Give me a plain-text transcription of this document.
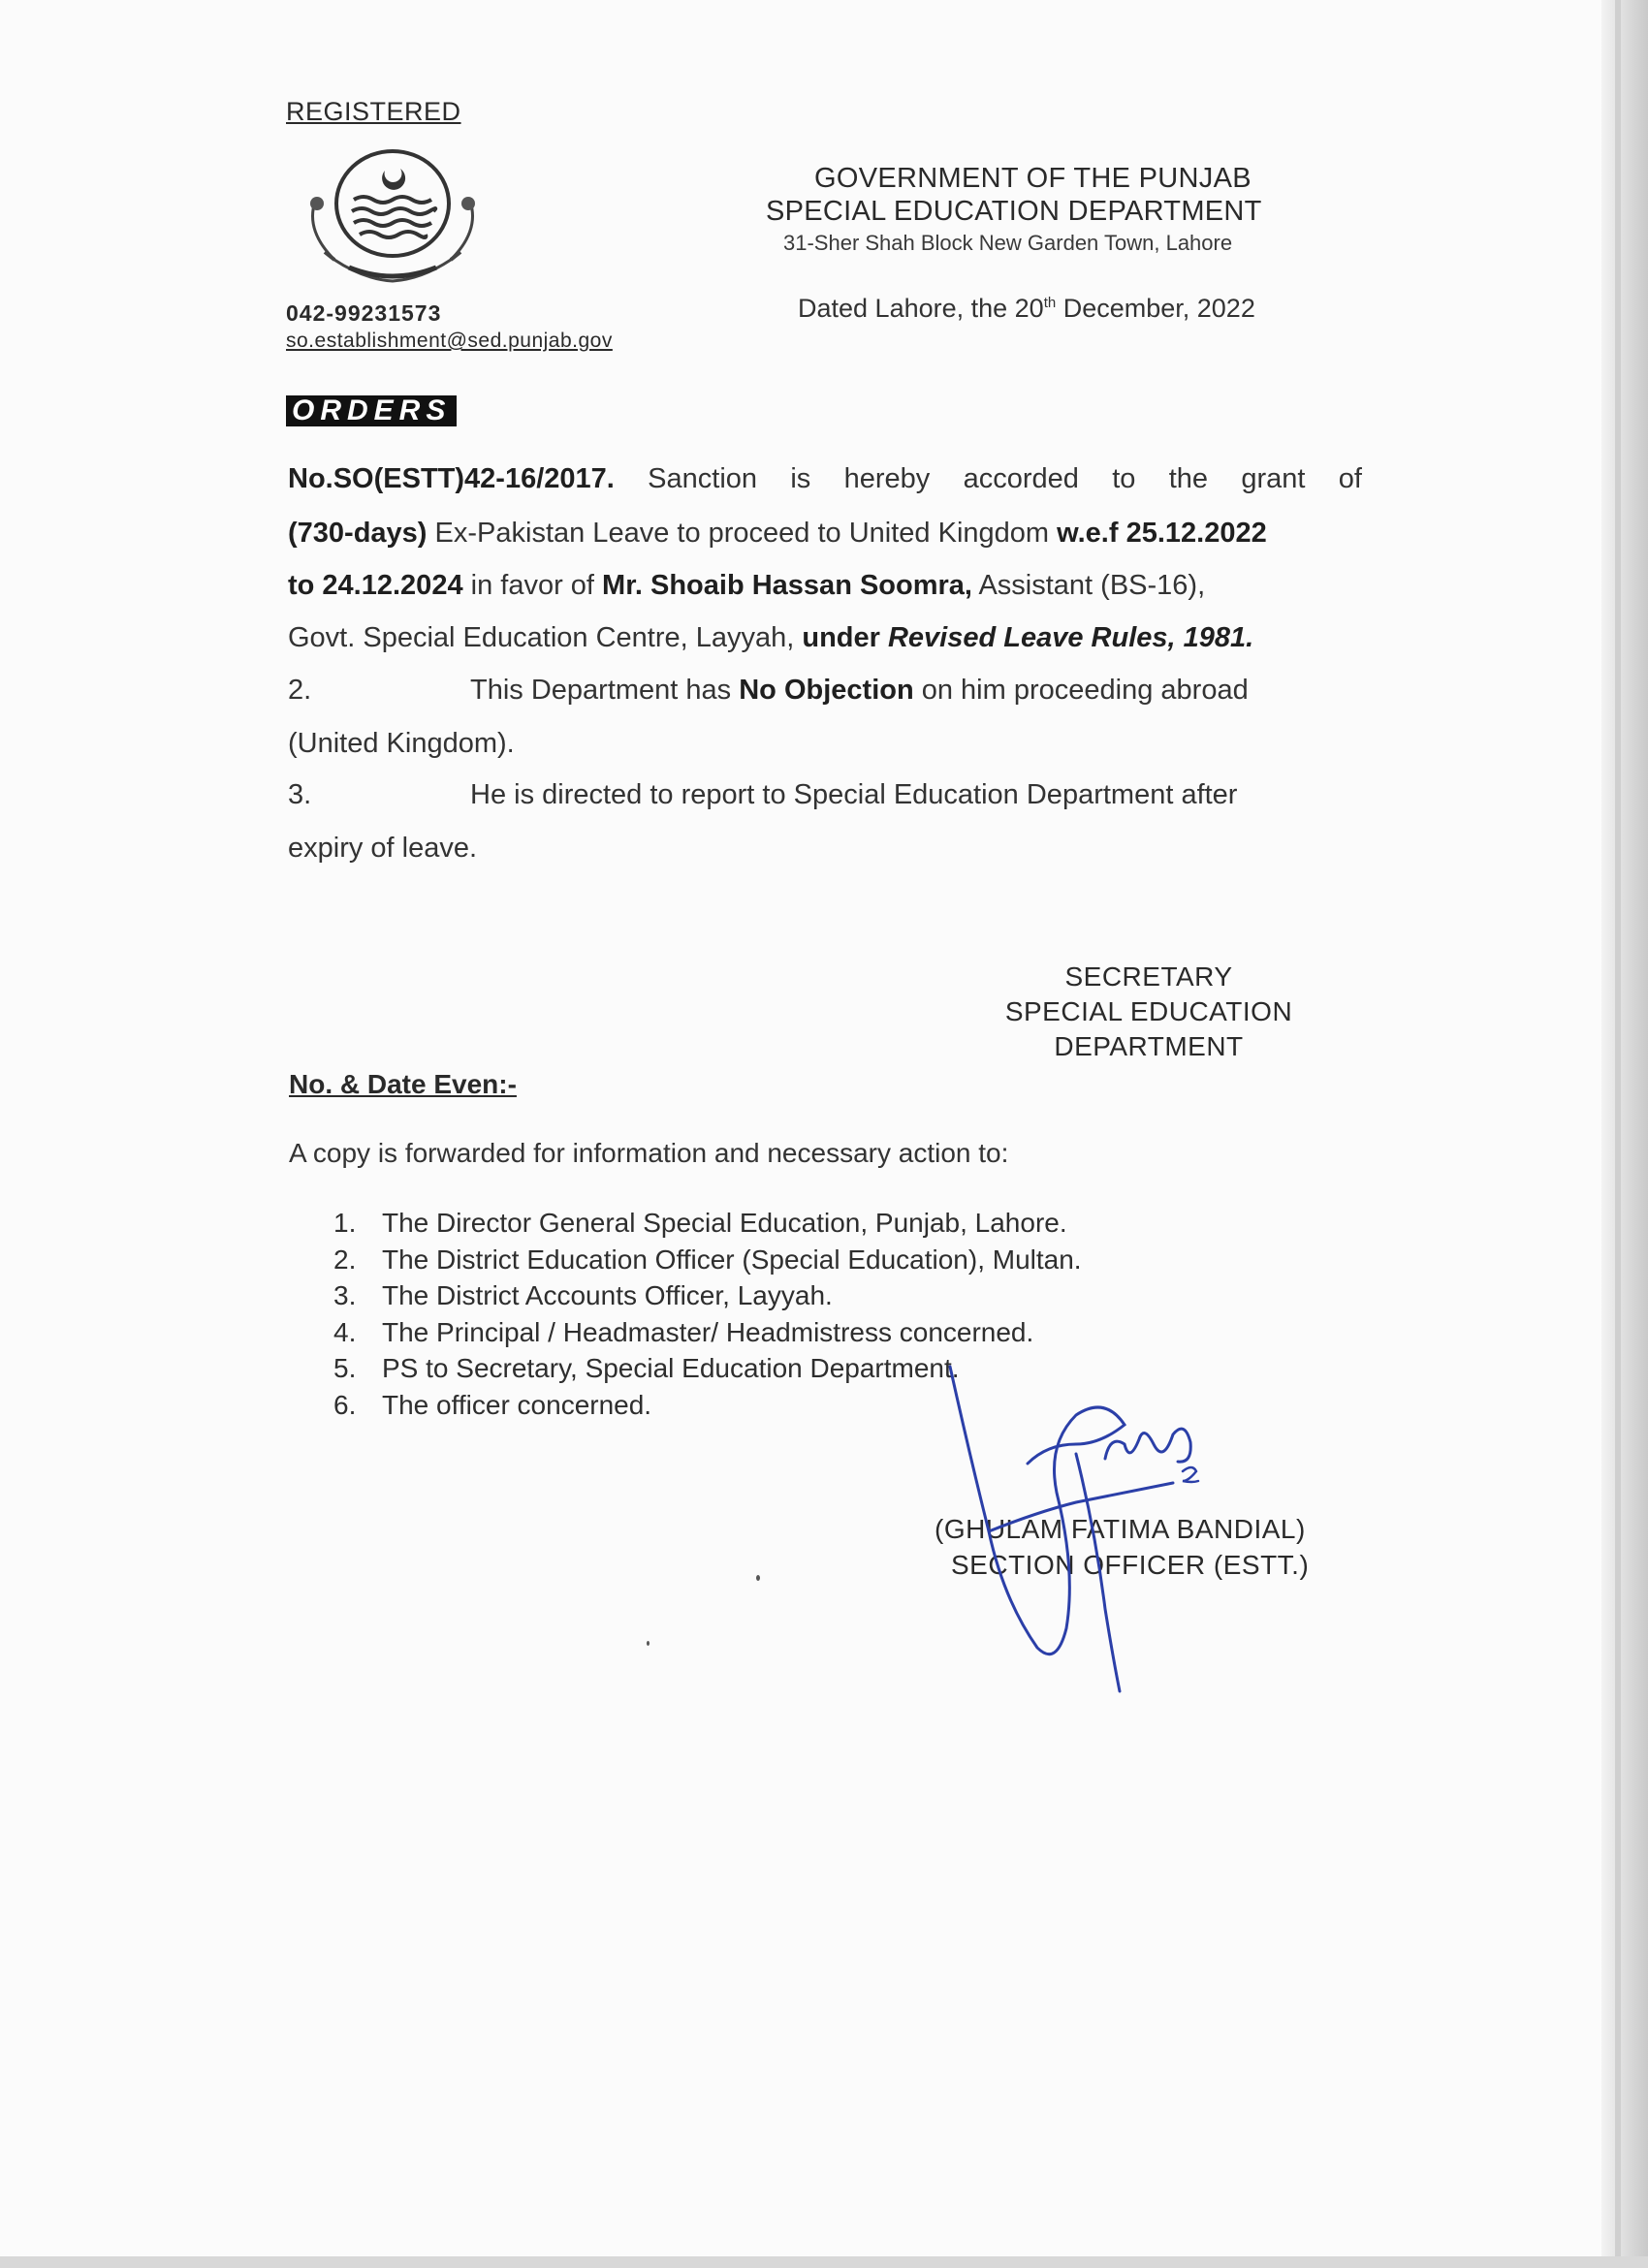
REGISTERED
042-99231573
so.establishment@sed.punjab.gov
GOVERNMENT OF THE PUNJAB
SPECIAL EDUCATION DEPARTMENT
31-Sher Shah Block New Garden Town, Lahore
Dated Lahore, the 20th December, 2022
ORDERS
No.SO(ESTT)42-16/2017. Sanction is hereby accorded to the grant of
(730-days) Ex-Pakistan Leave to proceed to United Kingdom w.e.f 25.12.2022
to 24.12.2024 in favor of Mr. Shoaib Hassan Soomra, Assistant (BS-16),
Govt. Special Education Centre, Layyah, under Revised Leave Rules, 1981.
2.	This Department has No Objection on him proceeding abroad
(United Kingdom).
3.	He is directed to report to Special Education Department after
expiry of leave.
SECRETARY
SPECIAL EDUCATION
DEPARTMENT
No. & Date Even:-
A copy is forwarded for information and necessary action to:
1. The Director General Special Education, Punjab, Lahore.
2. The District Education Officer (Special Education), Multan.
3. The District Accounts Officer, Layyah.
4. The Principal / Headmaster/ Headmistress concerned.
5. PS to Secretary, Special Education Department.
6. The officer concerned.
(GHULAM FATIMA BANDIAL)
SECTION OFFICER (ESTT.)
